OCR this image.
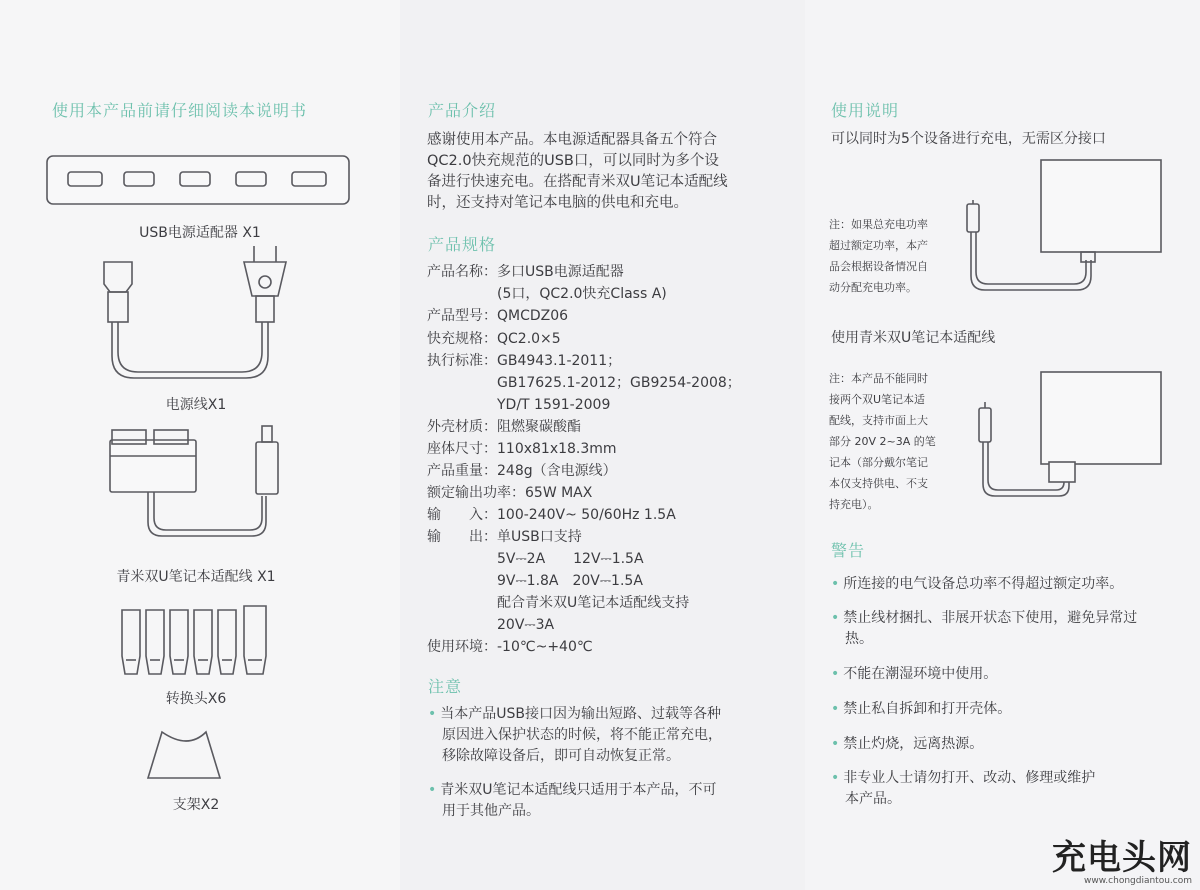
使用本产品前请仔细阅读本说明书
USB电源适配器 X1
电源线X1
青米双U笔记本适配线 X1
转换头X6
支架X2
产品介绍
感谢使用本产品。本电源适配器具备五个符合
QC2.0快充规范的USB口，可以同时为多个设
备进行快速充电。在搭配青米双U笔记本适配线
时，还支持对笔记本电脑的供电和充电。
产品规格
产品名称：多口USB电源适配器
　　　　　(5口，QC2.0快充Class A)
产品型号：QMCDZ06
快充规格：QC2.0×5
执行标准：GB4943.1-2011；
　　　　　GB17625.1-2012；GB9254-2008；
　　　　　YD/T 1591-2009
外壳材质：阻燃聚碳酸酯
座体尺寸：110x81x18.3mm
产品重量：248g（含电源线）
额定输出功率：65W MAX
输　　入：100-240V~ 50/60Hz 1.5A
输　　出：单USB口支持
　　　　　5V⎓2A　　12V⎓1.5A
　　　　　9V⎓1.8A　20V⎓1.5A
　　　　　配合青米双U笔记本适配线支持
　　　　　20V⎓3A
使用环境：-10℃~+40℃
注意
• 当本产品USB接口因为输出短路、过载等各种
原因进入保护状态的时候，将不能正常充电，
移除故障设备后，即可自动恢复正常。
• 青米双U笔记本适配线只适用于本产品，不可
用于其他产品。
使用说明
可以同时为5个设备进行充电，无需区分接口
注：如果总充电功率
超过额定功率，本产
品会根据设备情况自
动分配充电功率。
使用青米双U笔记本适配线
注：本产品不能同时
接两个双U笔记本适
配线，支持市面上大
部分 20V 2~3A 的笔
记本（部分戴尔笔记
本仅支持供电、不支
持充电）。
警告
• 所连接的电气设备总功率不得超过额定功率。
• 禁止线材捆扎、非展开状态下使用，避免异常过
热。
• 不能在潮湿环境中使用。
• 禁止私自拆卸和打开壳体。
• 禁止灼烧，远离热源。
• 非专业人士请勿打开、改动、修理或维护
本产品。
充电头网
www.chongdiantou.com
